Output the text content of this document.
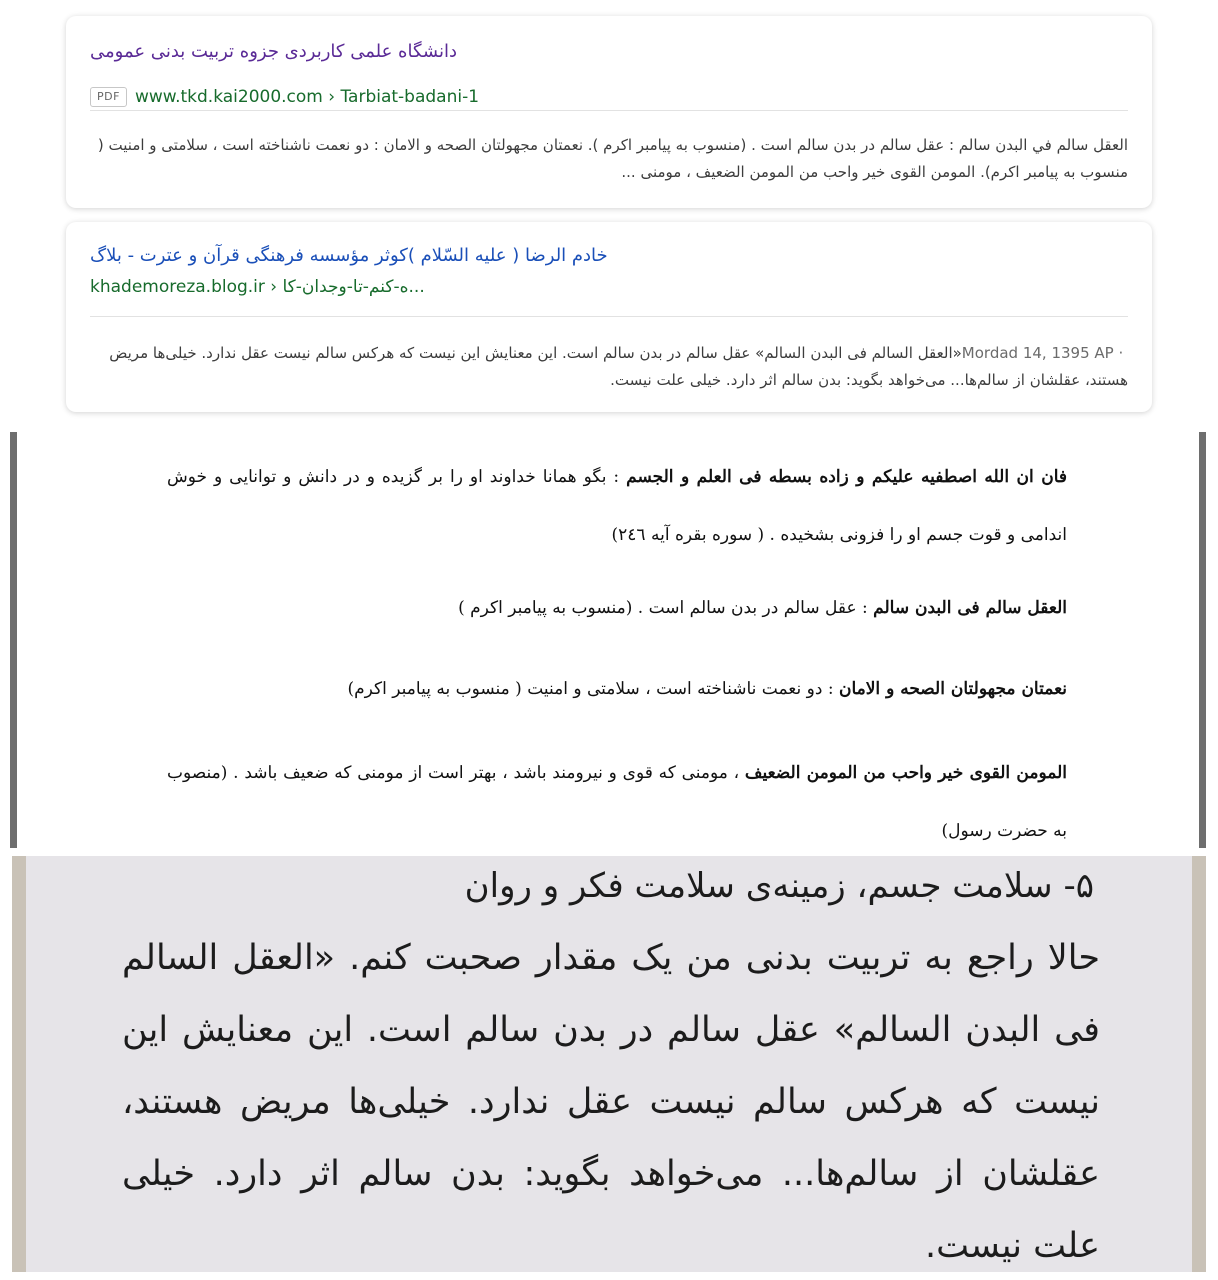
دانشگاه علمی کاربردی جزوه تربیت بدنی عمومی
PDF www.tkd.kai2000.com › Tarbiat-badani-1
العقل سالم في البدن سالم : عقل سالم در بدن سالم است . (منسوب به پیامبر اکرم ). نعمتان مجهولتان الصحه و الامان : دو نعمت ناشناخته است ، سلامتی و امنیت ( منسوب به پیامبر اکرم). المومن القوی خیر واحب من المومن الضعیف ، مومنی ...
خادم الرضا ( علیه السّلام )کوثر مؤسسه فرهنگی قرآن و عترت - بلاگ
khademoreza.blog.ir › ه-کنم-تا-وجدان-کا...
Mordad 14, 1395 AP · «العقل السالم فی البدن السالم» عقل سالم در بدن سالم است. این معنایش این نیست که هرکس سالم نیست عقل ندارد. خیلی‌ها مریض هستند، عقلشان از سالم‌ها... می‌خواهد بگوید: بدن سالم اثر دارد. خیلی علت نیست.
فان ان الله اصطفیه علیکم و زاده بسطه فی العلم و الجسم : بگو همانا خداوند او را بر گزیده و در دانش و توانایی و خوش اندامی و قوت جسم او را فزونی بشخیده . ( سوره بقره آیه ٢٤٦)
العقل سالم فی البدن سالم : عقل سالم در بدن سالم است . (منسوب به پیامبر اکرم )
نعمتان مجهولتان الصحه و الامان : دو نعمت ناشناخته است ، سلامتی و امنیت ( منسوب به پیامبر اکرم)
المومن القوی خیر واحب من المومن الضعیف ، مومنی که قوی و نیرومند باشد ، بهتر است از مومنی که ضعیف باشد . (منصوب به حضرت رسول)
۵- سلامت جسم، زمینه‌ی سلامت فکر و روان
حالا راجع به تربیت بدنی من یک مقدار صحبت کنم. «العقل السالم فی البدن السالم» عقل سالم در بدن سالم است. این معنایش این نیست که هرکس سالم نیست عقل ندارد. خیلی‌ها مریض هستند، عقلشان از سالم‌ها... می‌خواهد بگوید: بدن سالم اثر دارد. خیلی علت نیست.
